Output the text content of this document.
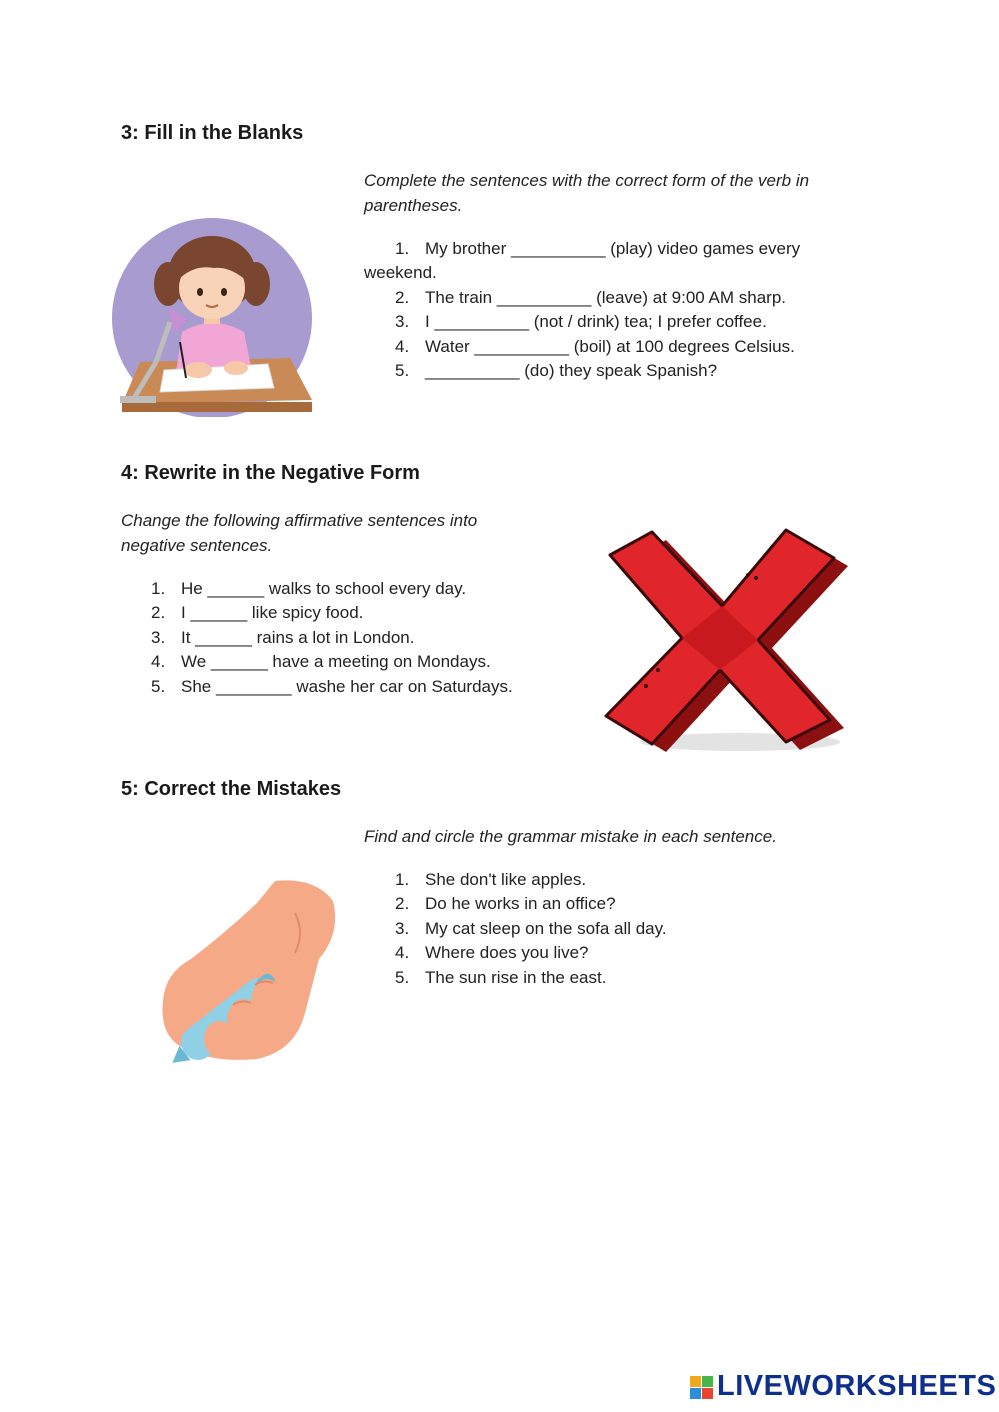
3: Fill in the Blanks

Complete the sentences with the correct form of the verb in parentheses.

1. My brother __________ (play) video games every
weekend.
2. The train __________ (leave) at 9:00 AM sharp.
3. I __________ (not / drink) tea; I prefer coffee.
4. Water __________ (boil) at 100 degrees Celsius.
5. __________ (do) they speak Spanish?
4: Rewrite in the Negative Form

Change the following affirmative sentences into negative sentences.

1. He ______ walks to school every day.
2. I ______ like spicy food.
3. It ______ rains a lot in London.
4. We ______ have a meeting on Mondays.
5. She ________ washe her car on Saturdays.
5: Correct the Mistakes

Find and circle the grammar mistake in each sentence.

1. She don't like apples.
2. Do he works in an office?
3. My cat sleep on the sofa all day.
4. Where does you live?
5. The sun rise in the east.
LIVEWORKSHEETS
